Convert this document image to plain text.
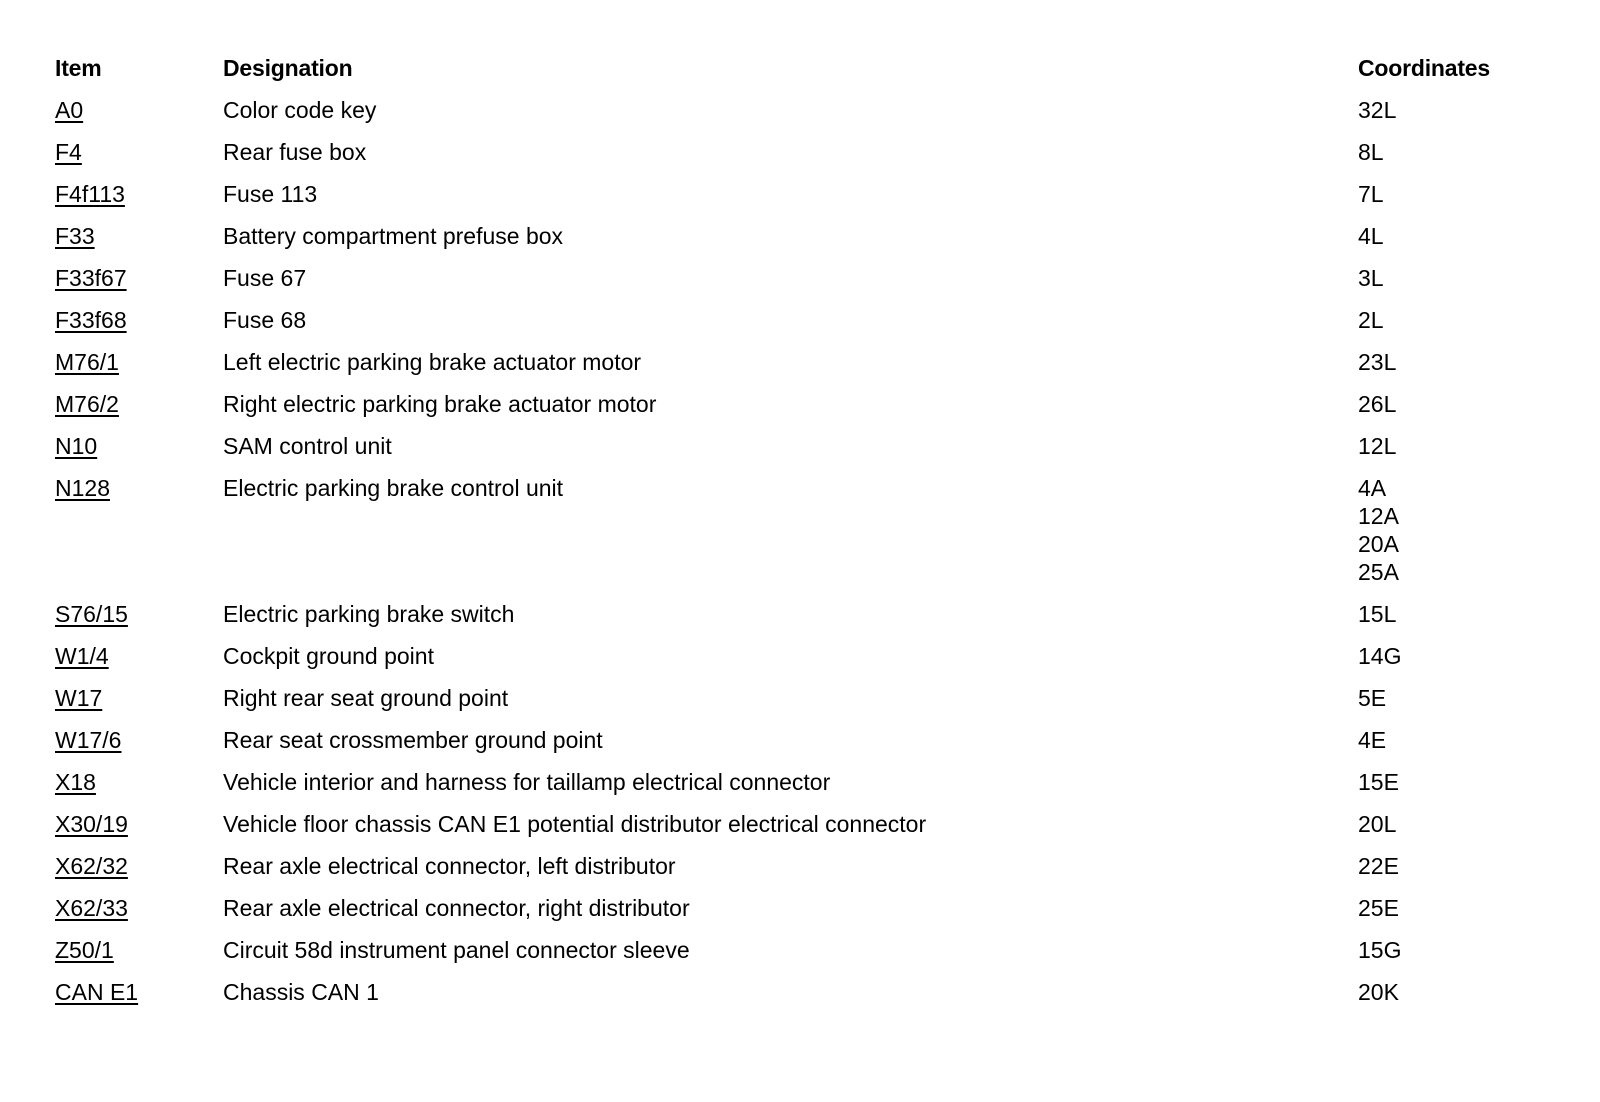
Item	Designation	Coordinates
A0	Color code key	32L
F4	Rear fuse box	8L
F4f113	Fuse 113	7L
F33	Battery compartment prefuse box	4L
F33f67	Fuse 67	3L
F33f68	Fuse 68	2L
M76/1	Left electric parking brake actuator motor	23L
M76/2	Right electric parking brake actuator motor	26L
N10	SAM control unit	12L
N128	Electric parking brake control unit	4A
12A
20A
25A
S76/15	Electric parking brake switch	15L
W1/4	Cockpit ground point	14G
W17	Right rear seat ground point	5E
W17/6	Rear seat crossmember ground point	4E
X18	Vehicle interior and harness for taillamp electrical connector	15E
X30/19	Vehicle floor chassis CAN E1 potential distributor electrical connector	20L
X62/32	Rear axle electrical connector, left distributor	22E
X62/33	Rear axle electrical connector, right distributor	25E
Z50/1	Circuit 58d instrument panel connector sleeve	15G
CAN E1	Chassis CAN 1	20K
